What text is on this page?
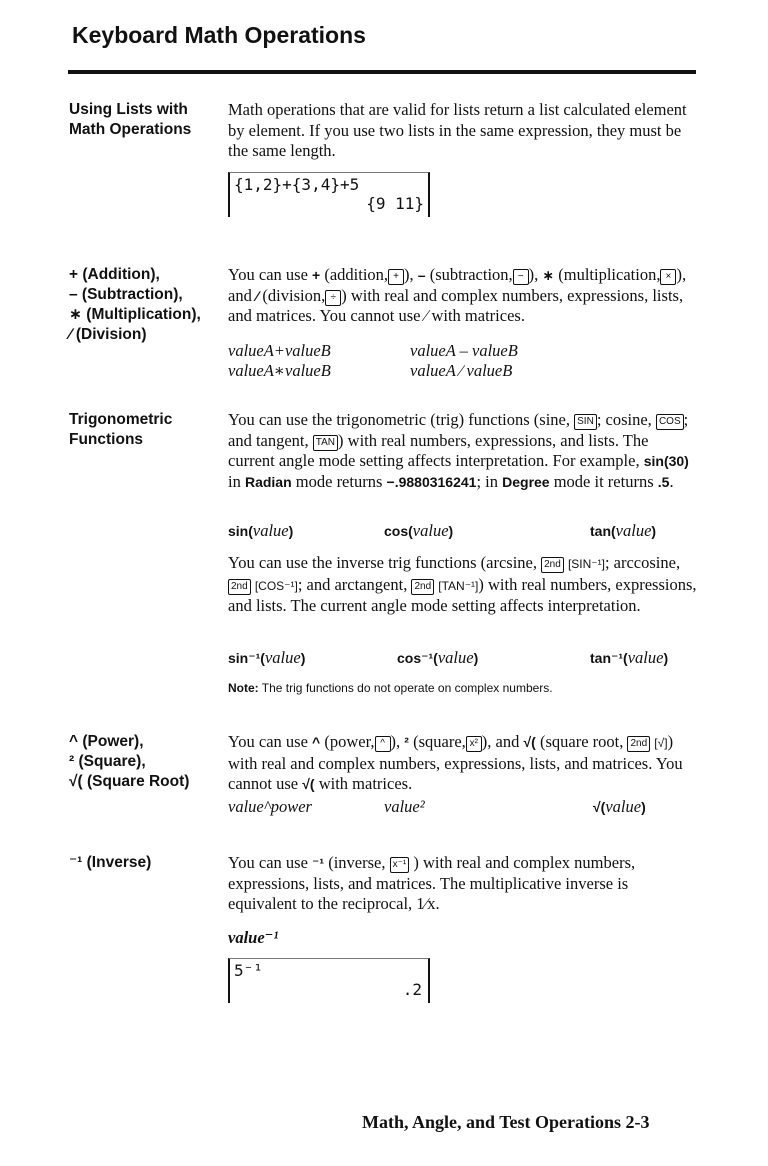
Keyboard Math Operations
Using Lists with
Math Operations

Math operations that are valid for lists return a list calculated element by element. If you use two lists in the same expression, they must be the same length.

{1,2}+{3,4}+5
{9 11}
+ (Addition),
– (Subtraction),
∗ (Multiplication),
∕ (Division)

You can use + (addition, + ), – (subtraction, − ), ∗ (multiplication, × ), and ∕ (division, ÷ ) with real and complex numbers, expressions, lists, and matrices. You cannot use ∕ with matrices.

valueA+valueB	valueA – valueB
valueA∗valueB	valueA ∕ valueB
Trigonometric
Functions

You can use the trigonometric (trig) functions (sine, SIN ; cosine, COS ; and tangent, TAN ) with real numbers, expressions, and lists. The current angle mode setting affects interpretation. For example, sin(30) in Radian mode returns −.9880316241; in Degree mode it returns .5.

sin(value)	cos(value)	tan(value)

You can use the inverse trig functions (arcsine, 2nd [SIN⁻¹]; arccosine, 2nd [COS⁻¹]; and arctangent, 2nd [TAN⁻¹]) with real numbers, expressions, and lists. The current angle mode setting affects interpretation.

sin⁻¹(value)	cos⁻¹(value)	tan⁻¹(value)
Note: The trig functions do not operate on complex numbers.
^ (Power),
² (Square),
√( (Square Root)

You can use ^ (power, ^ ), ² (square, x² ), and √( (square root, 2nd [√]) with real and complex numbers, expressions, lists, and matrices. You cannot use √( with matrices.

value^power	value²	√(value)
⁻¹ (Inverse)	You can use ⁻¹ (inverse, x⁻¹ ) with real and complex numbers, expressions, lists, and matrices. The multiplicative inverse is equivalent to the reciprocal, 1∕x.

value⁻¹
5⁻¹
.2
Math, Angle, and Test Operations 2-3
